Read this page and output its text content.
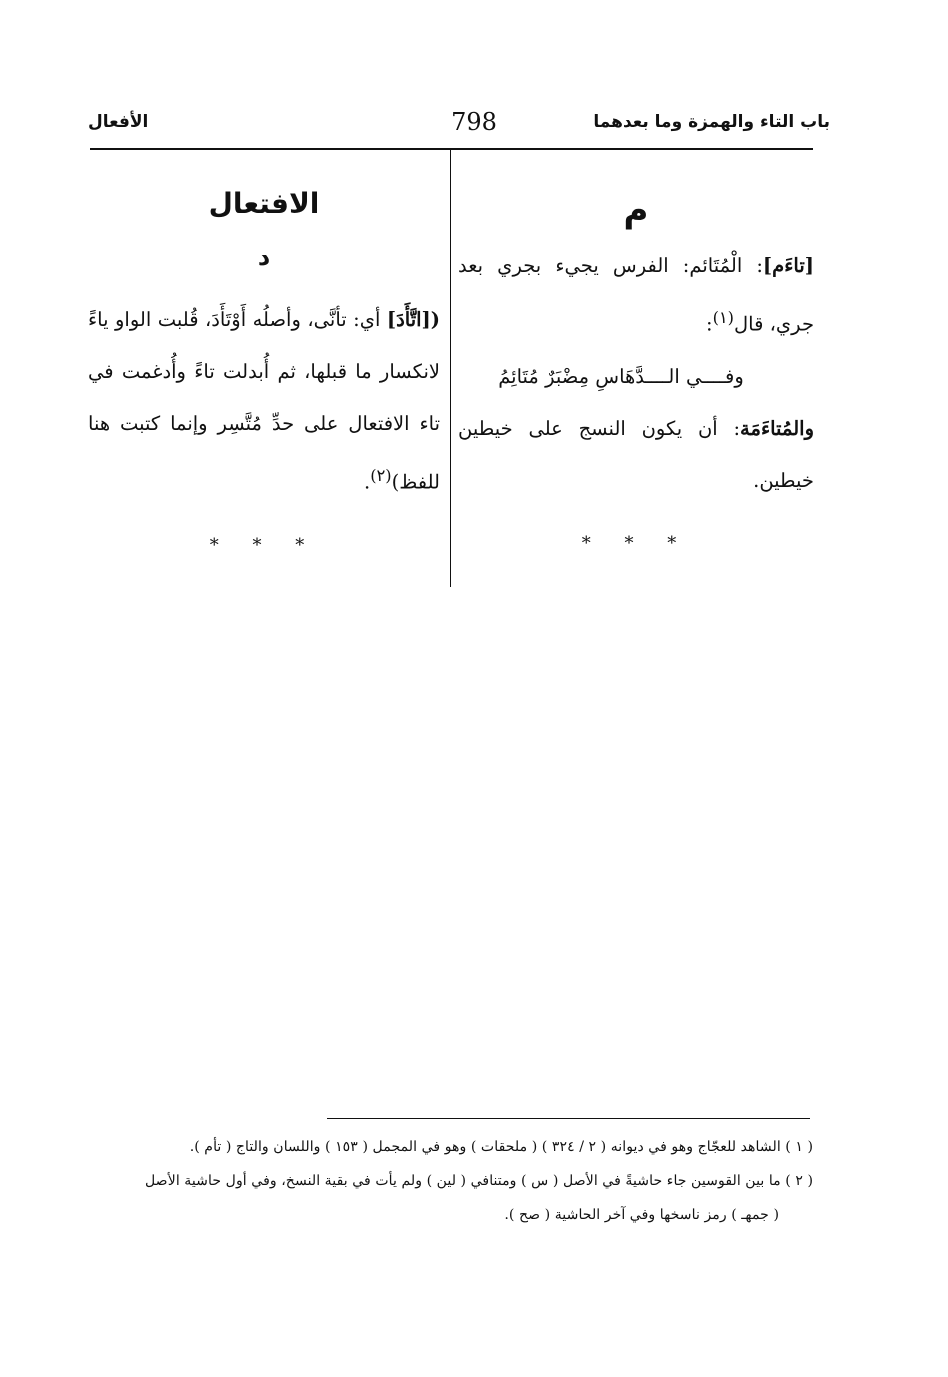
باب التاء والهمزة وما بعدهما
798
الأفعال

م

[تاءَم]: الْمُتَائم: الفرس يجيء بجري بعد جري، قال$^{(١)}$:

وفــــي الــــدَّهَاسِ مِضْبَرٌ مُتَائِمُ

والمُتاءَمَة: أن يكون النسج على خيطين خيطين.

* * *

الافتعال

د

([اتَّأَدَ] أي: تأنَّى، وأصلُه أَوْتَأَدَ، قُلبت الواو ياءً لانكسار ما قبلها، ثم أُبدلت تاءً وأُدغمت في تاء الافتعال على حدِّ مُتَّسِر وإنما كتبت هنا للفظ)$^{(٢)}$.

* * *

( ١ ) الشاهد للعجّاج وهو في ديوانه ( ٢ / ٣٢٤ ) ( ملحقات ) وهو في المجمل ( ١٥٣ ) واللسان والتاج ( تأم ).

( ٢ ) ما بين القوسين جاء حاشيةً في الأصل ( س ) ومتنافي ( لين ) ولم يأت في بقية النسخ، وفي أول حاشية الأصل

( جمهـ ) رمز ناسخها وفي آخر الحاشية ( صح ).
